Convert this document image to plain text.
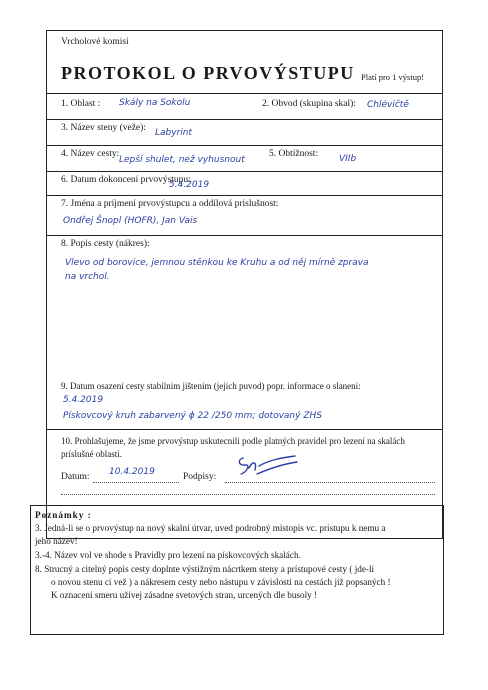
Vrcholové komisi
PROTOKOL O PRVOVÝSTUPU Platí pro 1 výstup!
1. Oblast : Skály na Sokolu	2. Obvod (skupina skal): Chlévičtě
3. Název steny (veže): Labyrint
4. Název cesty:
Lepší shulet, než vyhusnout
5. Obtížnost: VIIb
6. Datum dokoncení prvovýstupu:
5.4.2019
7. Jména a príjmení prvovýstupcu a oddílová príslušnost:
Ondřej Šnopl (HOFR), Jan Vais
8. Popis cesty (nákres):
Vlevo od borovice, jemnou stěnkou ke Kruhu a od něj mírně zprava
na vrchol.
9. Datum osazení cesty stabilním jištením (jejich puvod) popr. informace o slanení:
5.4.2019
Pískovcový kruh zabarvený ϕ 22 /250 mm; dotovaný ZHS
10. Prohlašujeme, že jsme prvovýstup uskutecnili podle platných pravidel pro lezení na skalách
príslušné oblasti.
Datum: 10.4.2019	Podpisy:
Poznámky :
3. Jedná-li se o prvovýstup na nový skalní útvar, uved podrobný místopis vc. prístupu k nemu a
jeho název!
3.-4. Název vol ve shode s Pravidly pro lezení na pískovcových skalách.
8. Strucný a citelný popis cesty doplnte výstižným nácrtkem steny a prístupové cesty ( jde-li
o novou stenu ci vež ) a nákresem cesty nebo nástupu v závislosti na cestách již popsaných !
K oznacení smeru užívej zásadne svetových stran, urcených dle busoly !
